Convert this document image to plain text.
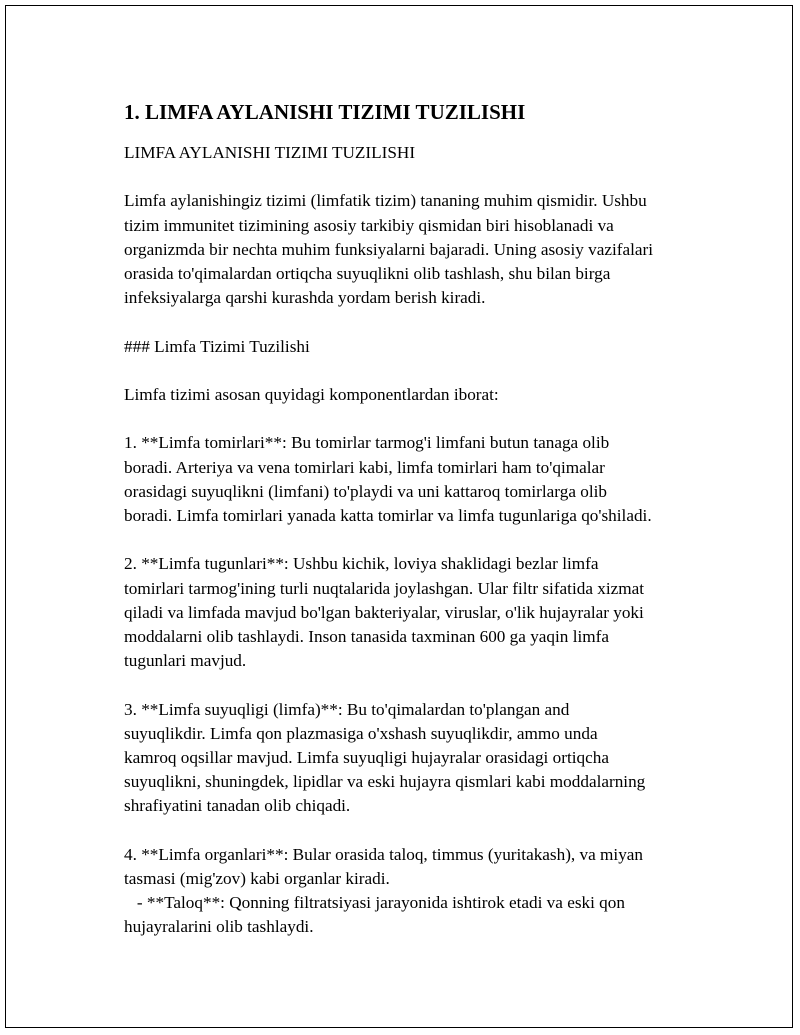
1. LIMFA AYLANISHI TIZIMI TUZILISHI

LIMFA AYLANISHI TIZIMI TUZILISHI

Limfa aylanishingiz tizimi (limfatik tizim) tananing muhim qismidir. Ushbu

tizim immunitet tizimining asosiy tarkibiy qismidan biri hisoblanadi va

organizmda bir nechta muhim funksiyalarni bajaradi. Uning asosiy vazifalari

orasida to'qimalardan ortiqcha suyuqlikni olib tashlash, shu bilan birga

infeksiyalarga qarshi kurashda yordam berish kiradi.

### Limfa Tizimi Tuzilishi

Limfa tizimi asosan quyidagi komponentlardan iborat:

1. **Limfa tomirlari**: Bu tomirlar tarmog'i limfani butun tanaga olib

boradi. Arteriya va vena tomirlari kabi, limfa tomirlari ham to'qimalar

orasidagi suyuqlikni (limfani) to'playdi va uni kattaroq tomirlarga olib

boradi. Limfa tomirlari yanada katta tomirlar va limfa tugunlariga qo'shiladi.

2. **Limfa tugunlari**: Ushbu kichik, loviya shaklidagi bezlar limfa

tomirlari tarmog'ining turli nuqtalarida joylashgan. Ular filtr sifatida xizmat

qiladi va limfada mavjud bo'lgan bakteriyalar, viruslar, o'lik hujayralar yoki

moddalarni olib tashlaydi. Inson tanasida taxminan 600 ga yaqin limfa

tugunlari mavjud.

3. **Limfa suyuqligi (limfa)**: Bu to'qimalardan to'plangan and

suyuqlikdir. Limfa qon plazmasiga o'xshash suyuqlikdir, ammo unda

kamroq oqsillar mavjud. Limfa suyuqligi hujayralar orasidagi ortiqcha

suyuqlikni, shuningdek, lipidlar va eski hujayra qismlari kabi moddalarning

shrafiyatini tanadan olib chiqadi.

4. **Limfa organlari**: Bular orasida taloq, timmus (yuritakash), va miyan

tasmasi (mig'zov) kabi organlar kiradi.

- **Taloq**: Qonning filtratsiyasi jarayonida ishtirok etadi va eski qon

hujayralarini olib tashlaydi.
